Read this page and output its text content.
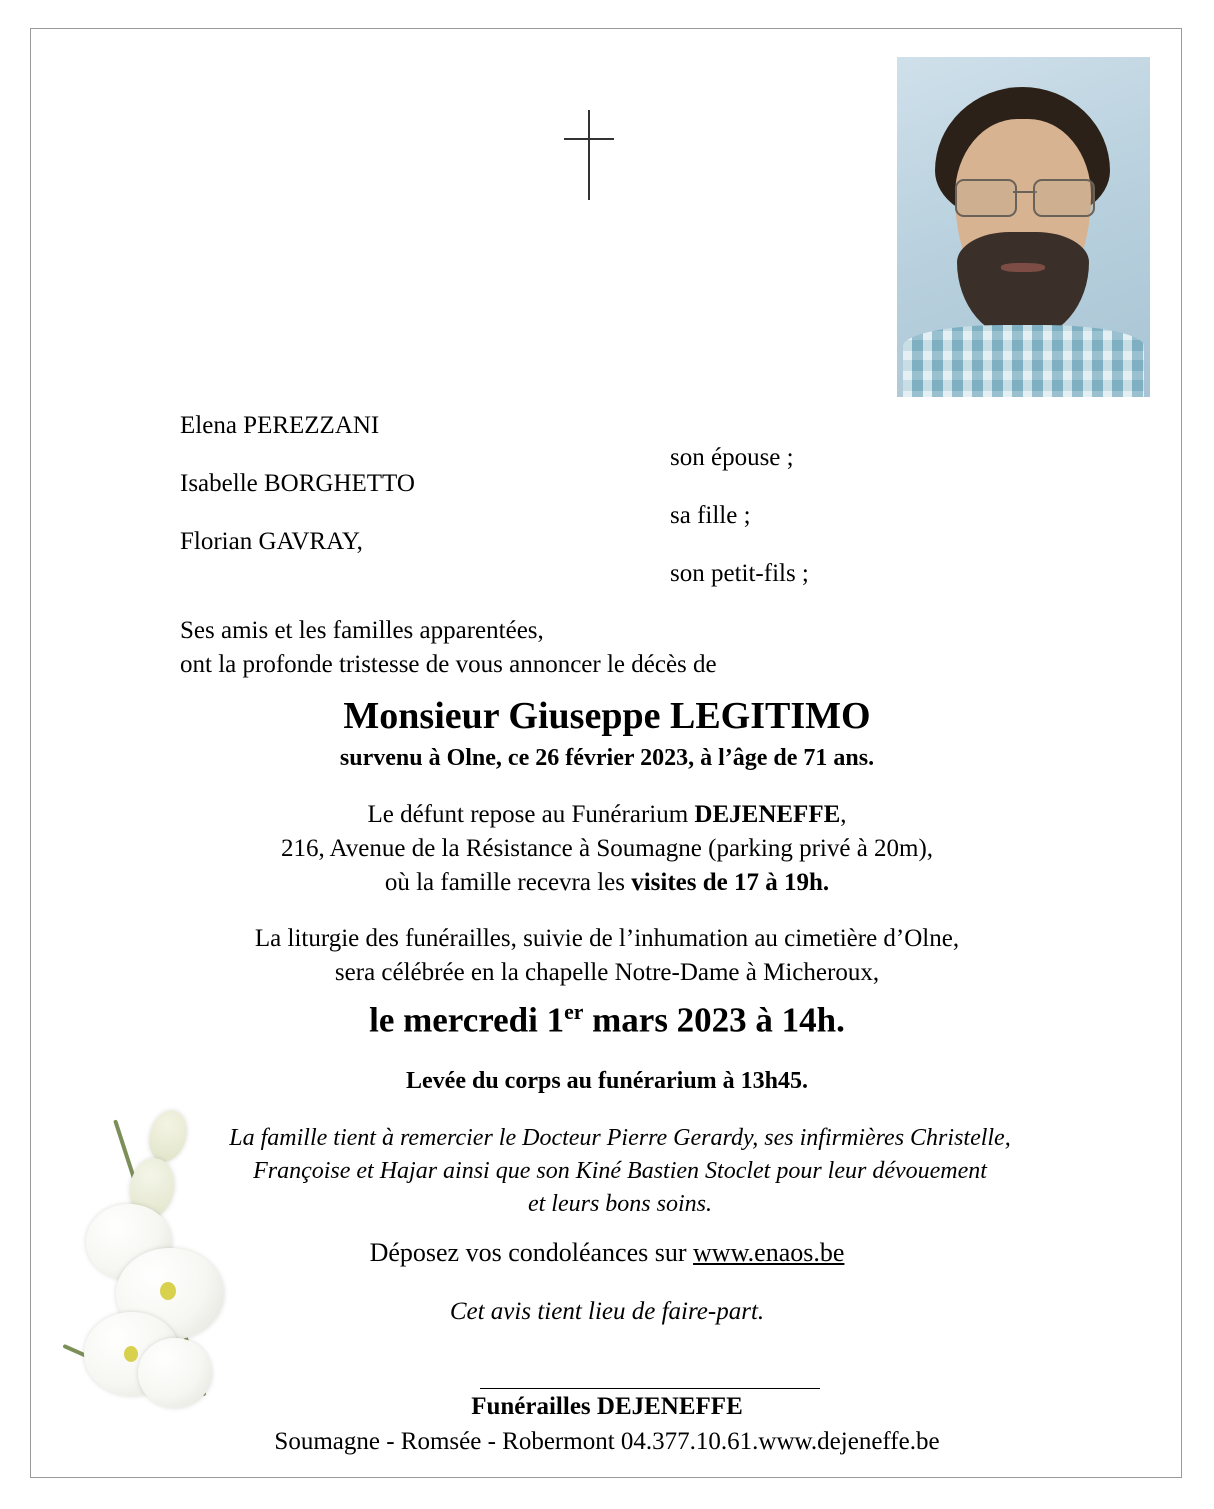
Elena PEREZZANI
son épouse ;
Isabelle BORGHETTO
sa fille ;
Florian GAVRAY,
son petit-fils ;
Ses amis et les familles apparentées,
ont la profonde tristesse de vous annoncer le décès de
Monsieur Giuseppe LEGITIMO
survenu à Olne, ce 26 février 2023, à l’âge de 71 ans.
Le défunt repose au Funérarium DEJENEFFE,
216, Avenue de la Résistance à Soumagne (parking privé à 20m),
où la famille recevra les visites de 17 à 19h.
La liturgie des funérailles, suivie de l’inhumation au cimetière d’Olne,
sera célébrée en la chapelle Notre-Dame à Micheroux,
le mercredi 1er mars 2023 à 14h.
Levée du corps au funérarium à 13h45.
La famille tient à remercier le Docteur Pierre Gerardy, ses infirmières Christelle,
Françoise et Hajar ainsi que son Kiné Bastien Stoclet pour leur dévouement
et leurs bons soins.
Déposez vos condoléances sur www.enaos.be
Cet avis tient lieu de faire-part.
Funérailles DEJENEFFE
Soumagne - Romsée - Robermont 04.377.10.61.www.dejeneffe.be
